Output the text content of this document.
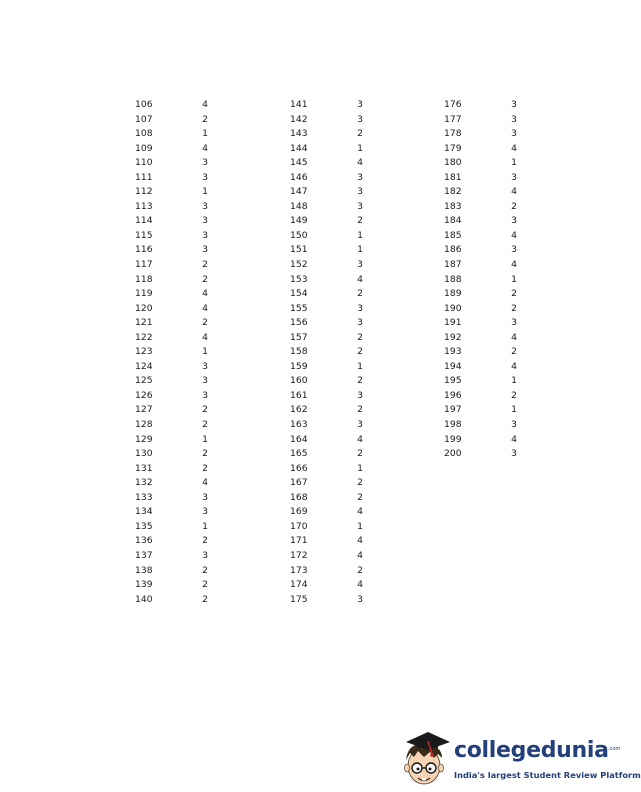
106	4
107	2
108	1
109	4
110	3
111	3
112	1
113	3
114	3
115	3
116	3
117	2
118	2
119	4
120	4
121	2
122	4
123	1
124	3
125	3
126	3
127	2
128	2
129	1
130	2
131	2
132	4
133	3
134	3
135	1
136	2
137	3
138	2
139	2
140	2
141	3
142	3
143	2
144	1
145	4
146	3
147	3
148	3
149	2
150	1
151	1
152	3
153	4
154	2
155	3
156	3
157	2
158	2
159	1
160	2
161	3
162	2
163	3
164	4
165	2
166	1
167	2
168	2
169	4
170	1
171	4
172	4
173	2
174	4
175	3
176	3
177	3
178	3
179	4
180	1
181	3
182	4
183	2
184	3
185	4
186	3
187	4
188	1
189	2
190	2
191	3
192	4
193	2
194	4
195	1
196	2
197	1
198	3
199	4
200	3
collegedunia .com
India's largest Student Review Platform
